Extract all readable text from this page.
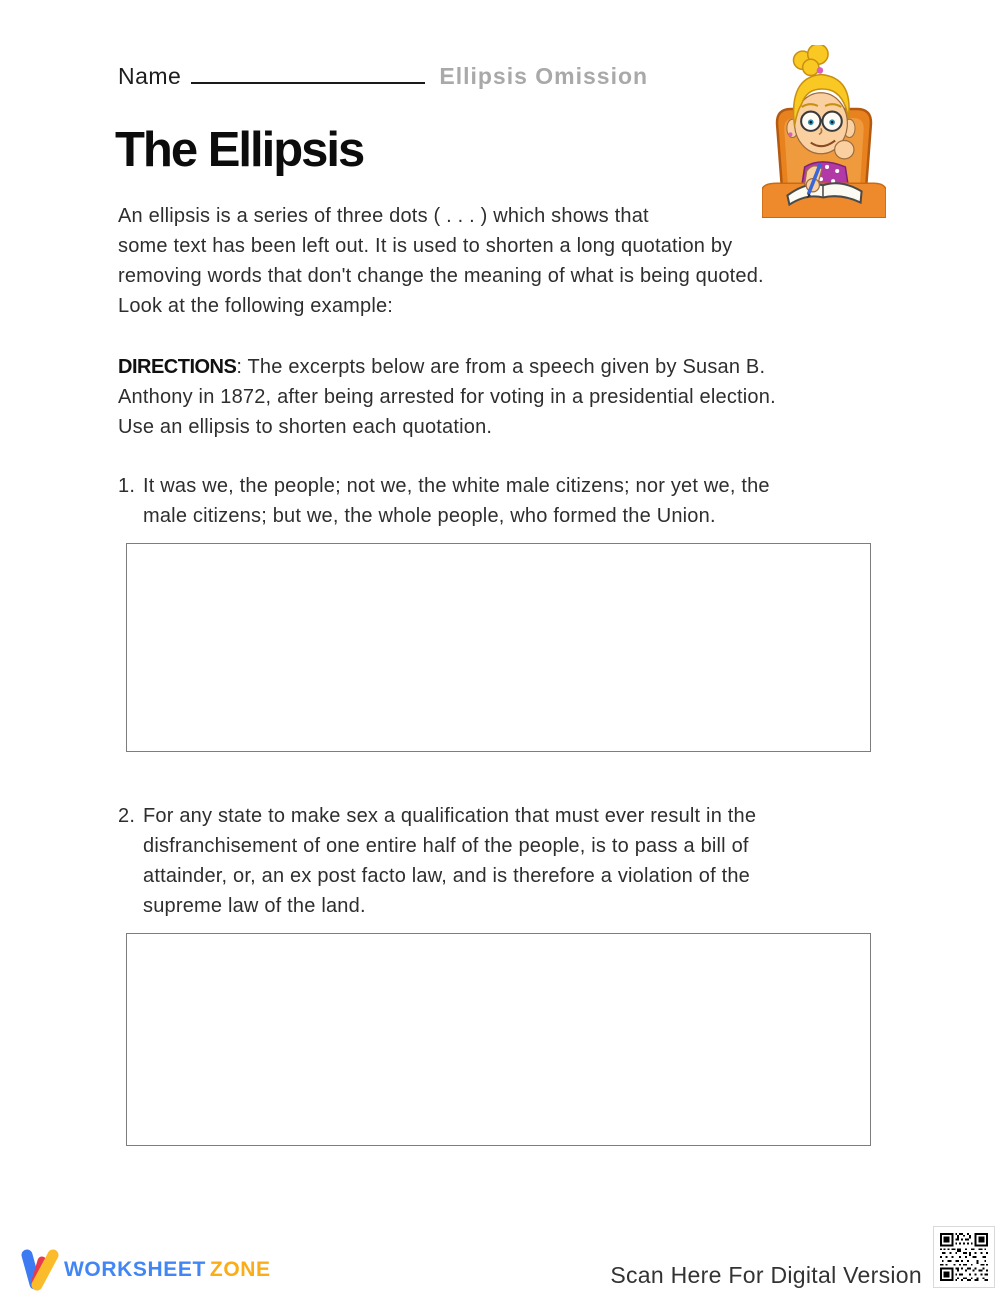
Name	Ellipsis Omission
The Ellipsis
An ellipsis is a series of three dots ( . . . ) which shows that
some text has been left out. It is used to shorten a long quotation by
removing words that don't change the meaning of what is being quoted.
Look at the following example:
DIRECTIONS: The excerpts below are from a speech given by Susan B.
Anthony in 1872, after being arrested for voting in a presidential election.
Use an ellipsis to shorten each quotation.
1. It was we, the people; not we, the white male citizens; nor yet we, the
male citizens; but we, the whole people, who formed the Union.
2. For any state to make sex a qualification that must ever result in the
disfranchisement of one entire half of the people, is to pass a bill of
attainder, or, an ex post facto law, and is therefore a violation of the
supreme law of the land.
WORKSHEET ZONE	Scan Here For Digital Version
